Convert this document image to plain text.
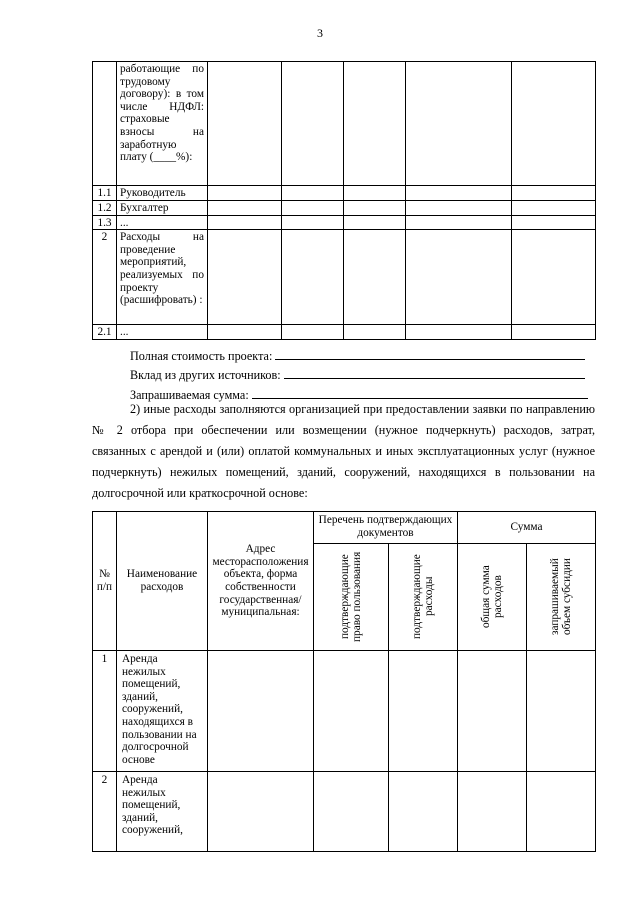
3
	работающие по трудовому договору): в том числе НДФЛ: страховые взносы на заработную плату (____%):					
1.1	Руководитель					
1.2	Бухгалтер					
1.3	...					
2	Расходы на проведение мероприятий, реализуемых по проекту (расшифровать) :					
2.1	...					
Полная стоимость проекта:
Вклад из других источников:
Запрашиваемая сумма:
2) иные расходы заполняются организацией при предоставлении заявки по направлению № 2 отбора при обеспечении или возмещении (нужное подчеркнуть) расходов, затрат, связанных с арендой и (или) оплатой коммунальных и иных эксплуатационных услуг (нужное подчеркнуть) нежилых помещений, зданий, сооружений, находящихся в пользовании на долгосрочной или краткосрочной основе:
№ п/п	Наименование расходов	Адрес месторасположения объекта, форма собственности государственная/ муниципальная:	Перечень подтверждающих документов		Сумма	

			подтверждающие право пользования	подтверждающие расходы	общая сумма расходов	запрашиваемый объем субсидии

1	Аренда нежилых помещений, зданий, сооружений, находящихся в пользовании на долгосрочной основе					
2	Аренда нежилых помещений, зданий, сооружений,					
